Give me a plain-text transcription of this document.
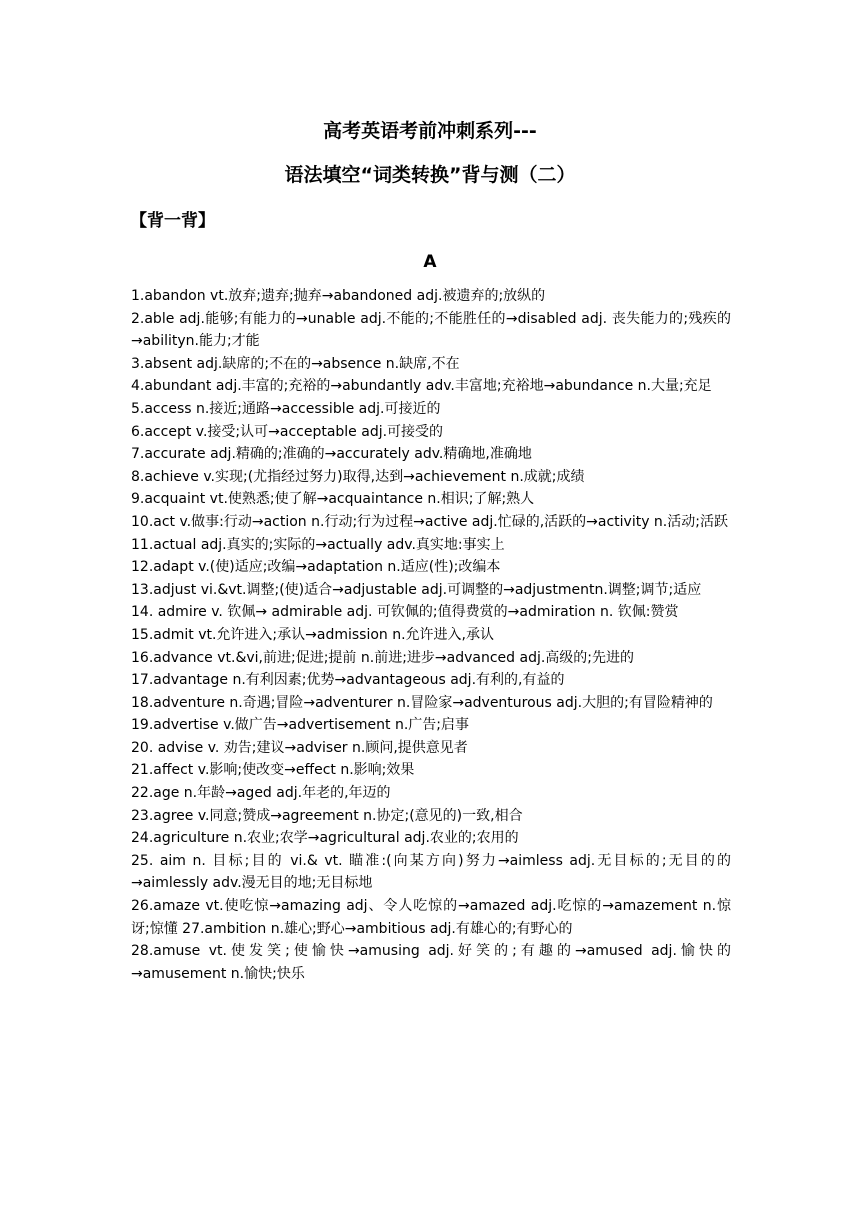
高考英语考前冲刺系列---
语法填空“词类转换”背与测（二）
【背一背】
A

1.abandon vt.放弃;遗弃;抛弃→abandoned adj.被遗弃的;放纵的

2.able adj.能够;有能力的→unable adj.不能的;不能胜任的→disabled adj. 丧失能力的;残疾的→abilityn.能力;才能

3.absent adj.缺席的;不在的→absence n.缺席,不在

4.abundant adj.丰富的;充裕的→abundantly adv.丰富地;充裕地→abundance n.大量;充足

5.access n.接近;通路→accessible adj.可接近的

6.accept v.接受;认可→acceptable adj.可接受的

7.accurate adj.精确的;准确的→accurately adv.精确地,准确地

8.achieve v.实现;(尤指经过努力)取得,达到→achievement n.成就;成绩

9.acquaint vt.使熟悉;使了解→acquaintance n.相识;了解;熟人

10.act v.做事:行动→action n.行动;行为过程→active adj.忙碌的,活跃的→activity n.活动;活跃

11.actual adj.真实的;实际的→actually adv.真实地:事实上

12.adapt v.(使)适应;改编→adaptation n.适应(性);改编本

13.adjust vi.&vt.调整;(使)适合→adjustable adj.可调整的→adjustmentn.调整;调节;适应

14. admire v. 钦佩→ admirable adj. 可钦佩的;值得费赏的→admiration n. 钦佩:赞赏

15.admit vt.允许进入;承认→admission n.允许进入,承认

16.advance vt.&vi,前进;促进;提前 n.前进;进步→advanced adj.高级的;先进的

17.advantage n.有利因素;优势→advantageous adj.有利的,有益的

18.adventure n.奇遇;冒险→adventurer n.冒险家→adventurous adj.大胆的;有冒险精神的

19.advertise v.做广告→advertisement n.广告;启事

20. advise v. 劝告;建议→adviser n.顾问,提供意见者

21.affect v.影响;使改变→effect n.影响;效果

22.age n.年龄→aged adj.年老的,年迈的

23.agree v.同意;赞成→agreement n.协定;(意见的)一致,相合

24.agriculture n.农业;农学→agricultural adj.农业的;农用的

25. aim n. 目标;目的 vi.& vt. 瞄准:(向某方向)努力→aimless adj.无目标的;无目的的→aimlessly adv.漫无目的地;无目标地

26.amaze vt.使吃惊→amazing adj、令人吃惊的→amazed adj.吃惊的→amazement n.惊讶;惊懂 27.ambition n.雄心;野心→ambitious adj.有雄心的;有野心的

28.amuse vt.使发笑;使愉快→amusing adj.好笑的;有趣的→amused adj.愉快的→amusement n.愉快;快乐
